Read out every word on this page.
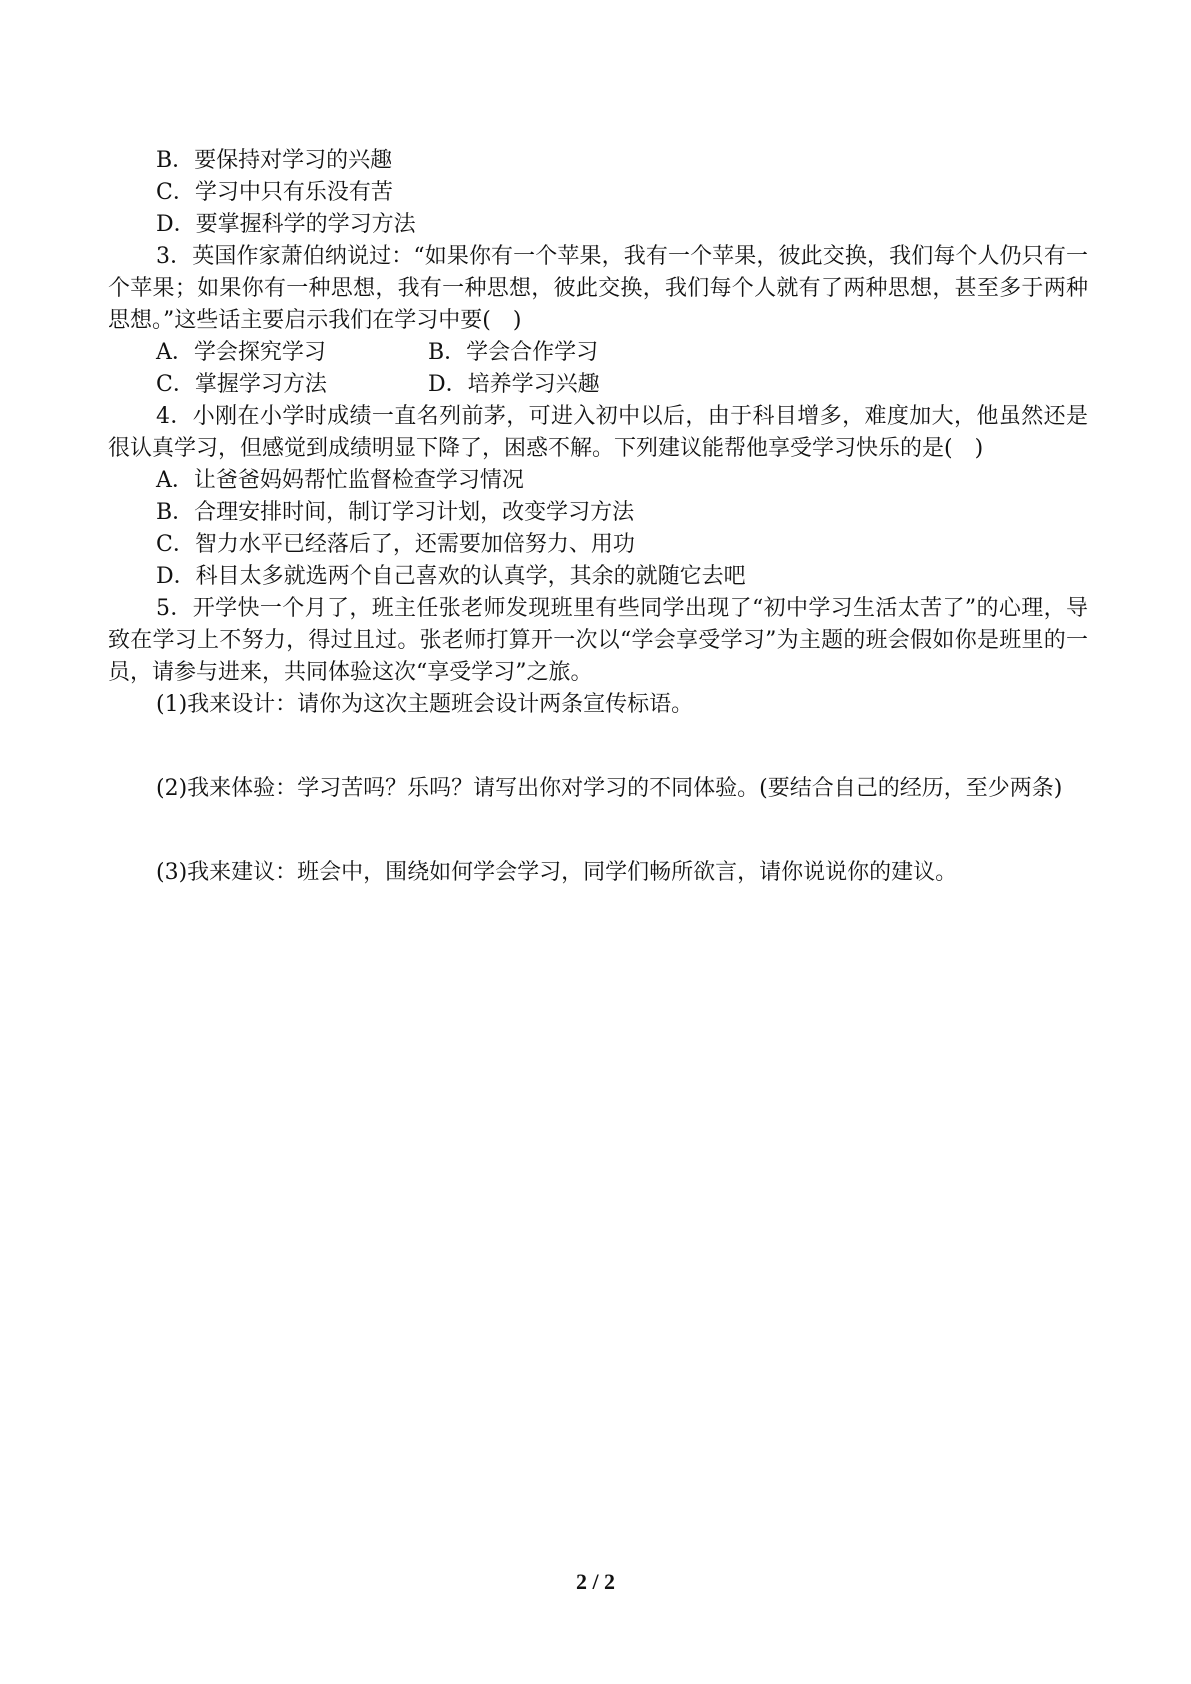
B．要保持对学习的兴趣
C．学习中只有乐没有苦
D．要掌握科学的学习方法
3．英国作家萧伯纳说过：“如果你有一个苹果，我有一个苹果，彼此交换，我们每个人仍只有一个苹果；如果你有一种思想，我有一种思想，彼此交换，我们每个人就有了两种思想，甚至多于两种思想。”这些话主要启示我们在学习中要(　)
A．学会探究学习	B．学会合作学习
C．掌握学习方法	D．培养学习兴趣
4．小刚在小学时成绩一直名列前茅，可进入初中以后，由于科目增多，难度加大，他虽然还是很认真学习，但感觉到成绩明显下降了，困惑不解。下列建议能帮他享受学习快乐的是(　)
A．让爸爸妈妈帮忙监督检查学习情况
B．合理安排时间，制订学习计划，改变学习方法
C．智力水平已经落后了，还需要加倍努力、用功
D．科目太多就选两个自己喜欢的认真学，其余的就随它去吧
5．开学快一个月了，班主任张老师发现班里有些同学出现了“初中学习生活太苦了”的心理，导致在学习上不努力，得过且过。张老师打算开一次以“学会享受学习”为主题的班会假如你是班里的一员，请参与进来，共同体验这次“享受学习”之旅。
(1)我来设计：请你为这次主题班会设计两条宣传标语。
(2)我来体验：学习苦吗？乐吗？请写出你对学习的不同体验。(要结合自己的经历，至少两条)
(3)我来建议：班会中，围绕如何学会学习，同学们畅所欲言，请你说说你的建议。
2 / 2
